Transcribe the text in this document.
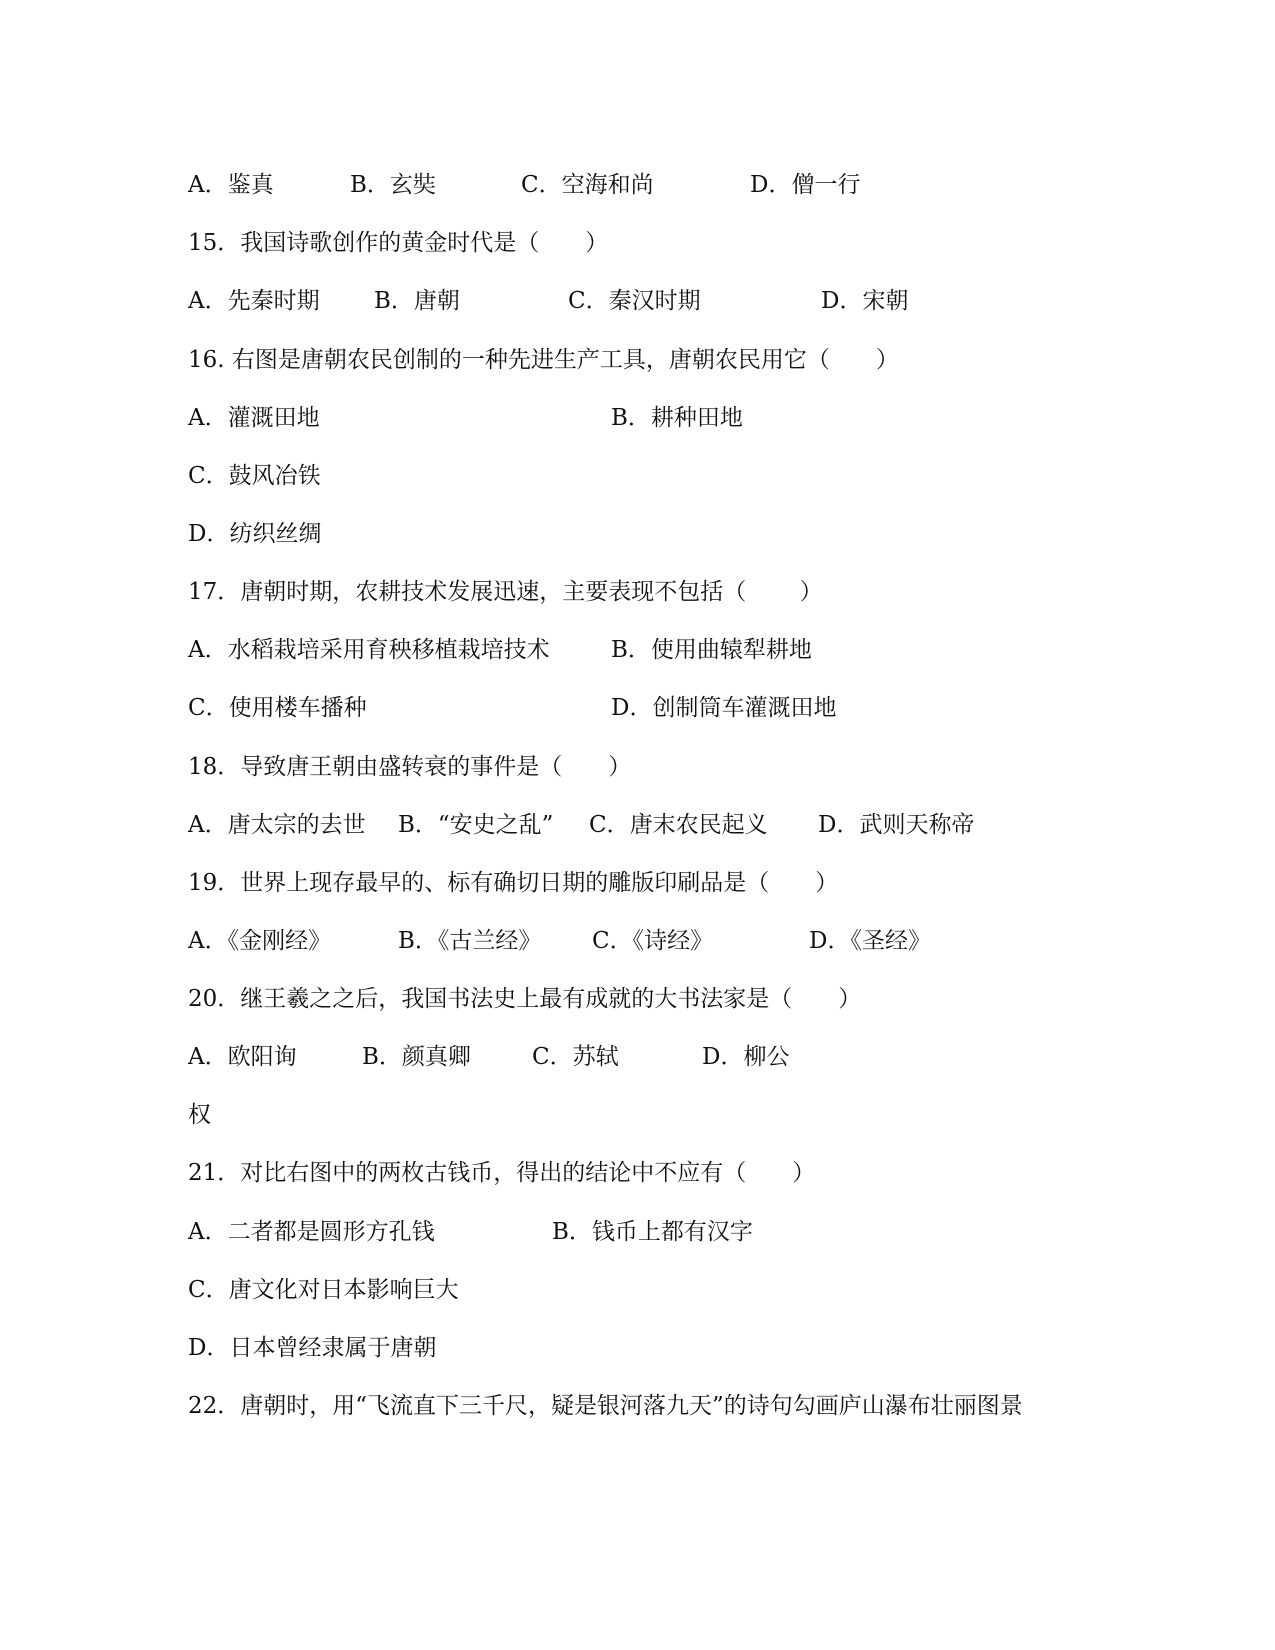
A．鉴真	B．玄奘	C．空海和尚	D．僧一行
15．我国诗歌创作的黄金时代是（　　）
A．先秦时期 B．唐朝	C．秦汉时期	D．宋朝
16. 右图是唐朝农民创制的一种先进生产工具，唐朝农民用它（　　）
A．灌溉田地	B．耕种田地
C．鼓风冶铁
D．纺织丝绸
17．唐朝时期，农耕技术发展迅速，主要表现不包括（　　 ）
A．水稻栽培采用育秧移植栽培技术	B．使用曲辕犁耕地
C．使用楼车播种	D．创制筒车灌溉田地
18．导致唐王朝由盛转衰的事件是（　　）
A．唐太宗的去世 B．“安史之乱” C．唐末农民起义 D．武则天称帝
19．世界上现存最早的、标有确切日期的雕版印刷品是（　　）
A．《金刚经》	B．《古兰经》 C．《诗经》	D．《圣经》
20．继王羲之之后，我国书法史上最有成就的大书法家是（　　）
A．欧阳询	B．颜真卿	C．苏轼	D．柳公
权
21．对比右图中的两枚古钱币，得出的结论中不应有（　　）
A．二者都是圆形方孔钱	B．钱币上都有汉字
C．唐文化对日本影响巨大
D．日本曾经隶属于唐朝
22．唐朝时，用“飞流直下三千尺，疑是银河落九天”的诗句勾画庐山瀑布壮丽图景
